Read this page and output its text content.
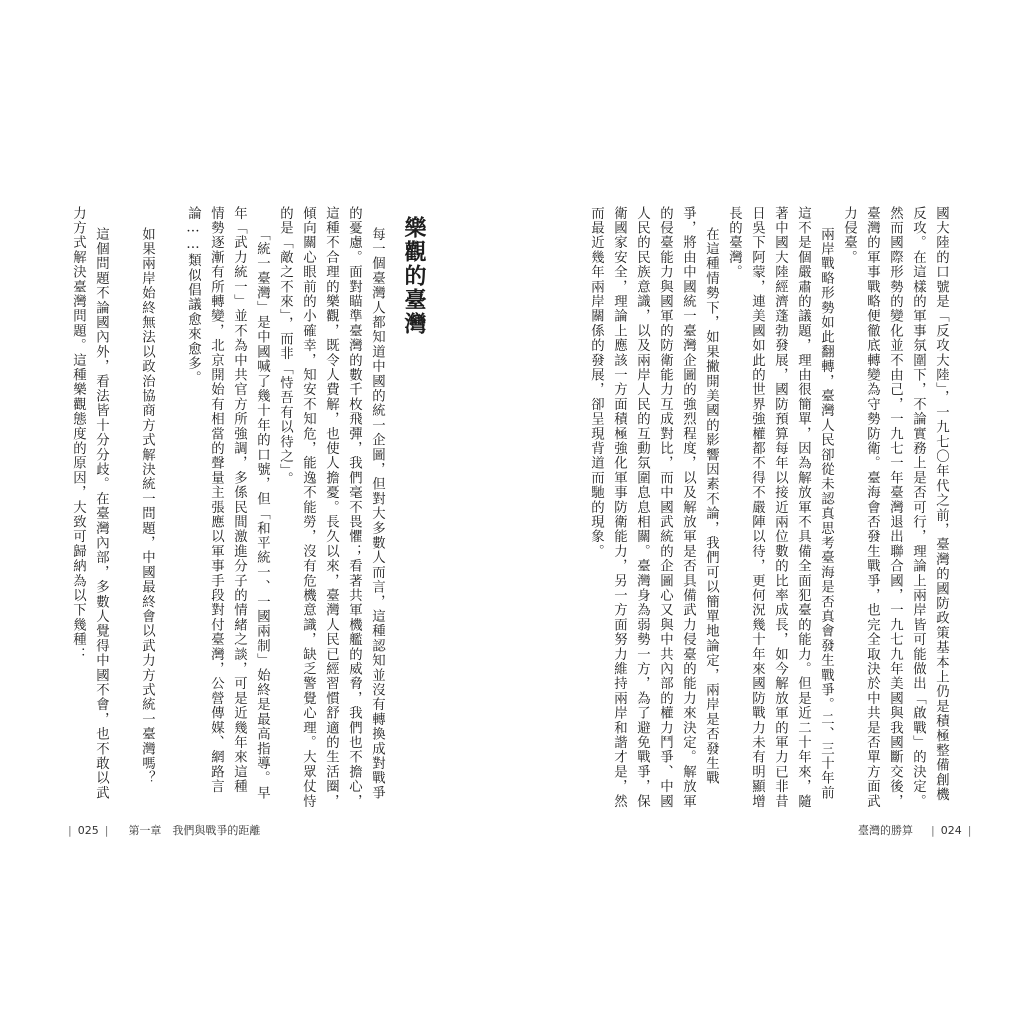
國大陸的口號是「反攻大陸」，一九七〇年代之前，臺灣的國防政策基本上仍是積極整備創機
反攻。在這樣的軍事氛圍下，不論實務上是否可行，理論上兩岸皆可能做出「啟戰」的決定。
然而國際形勢的變化並不由己，一九七一年臺灣退出聯合國，一九七九年美國與我國斷交後，
臺灣的軍事戰略便徹底轉變為守勢防衛。臺海會否發生戰爭，也完全取決於中共是否單方面武
力侵臺。
兩岸戰略形勢如此翻轉，臺灣人民卻從未認真思考臺海是否真會發生戰爭。二、三十年前
這不是個嚴肅的議題，理由很簡單，因為解放軍不具備全面犯臺的能力。但是近二十年來，隨
著中國大陸經濟蓬勃發展，國防預算每年以接近兩位數的比率成長，如今解放軍的軍力已非昔
日吳下阿蒙，連美國如此的世界強權都不得不嚴陣以待，更何況幾十年來國防戰力未有明顯增
長的臺灣。
在這種情勢下，如果撇開美國的影響因素不論，我們可以簡單地論定，兩岸是否發生戰
爭，將由中國統一臺灣企圖的強烈程度，以及解放軍是否具備武力侵臺的能力來決定。解放軍
的侵臺能力與國軍的防衛能力互成對比，而中國武統的企圖心又與中共內部的權力鬥爭、中國
人民的民族意識，以及兩岸人民的互動氛圍息息相關。臺灣身為弱勢一方，為了避免戰爭，保
衛國家安全，理論上應該一方面積極強化軍事防衛能力，另一方面努力維持兩岸和諧才是，然
而最近幾年兩岸關係的發展，卻呈現背道而馳的現象。
臺灣的勝算 | 024 |
樂觀的臺灣
每一個臺灣人都知道中國的統一企圖，但對大多數人而言，這種認知並沒有轉換成對戰爭
的憂慮。面對瞄準臺灣的數千枚飛彈，我們毫不畏懼；看著共軍機艦的威脅，我們也不擔心，
這種不合理的樂觀，既令人費解，也使人擔憂。長久以來，臺灣人民已經習慣舒適的生活圈，
傾向關心眼前的小確幸，知安不知危，能逸不能勞，沒有危機意識，缺乏警覺心理。大眾仗恃
的是「敵之不來」，而非「恃吾有以待之」。
「統一臺灣」是中國喊了幾十年的口號，但「和平統一、一國兩制」始終是最高指導。早
年「武力統一」並不為中共官方所強調，多係民間激進分子的情緒之談，可是近幾年來這種
情勢逐漸有所轉變，北京開始有相當的聲量主張應以軍事手段對付臺灣，公營傳媒、網路言
論……類似倡議愈來愈多。
如果兩岸始終無法以政治協商方式解決統一問題，中國最終會以武力方式統一臺灣嗎？
這個問題不論國內外，看法皆十分分歧。在臺灣內部，多數人覺得中國不會，也不敢以武
力方式解決臺灣問題。這種樂觀態度的原因，大致可歸納為以下幾種：
| 025 | 第一章　我們與戰爭的距離
